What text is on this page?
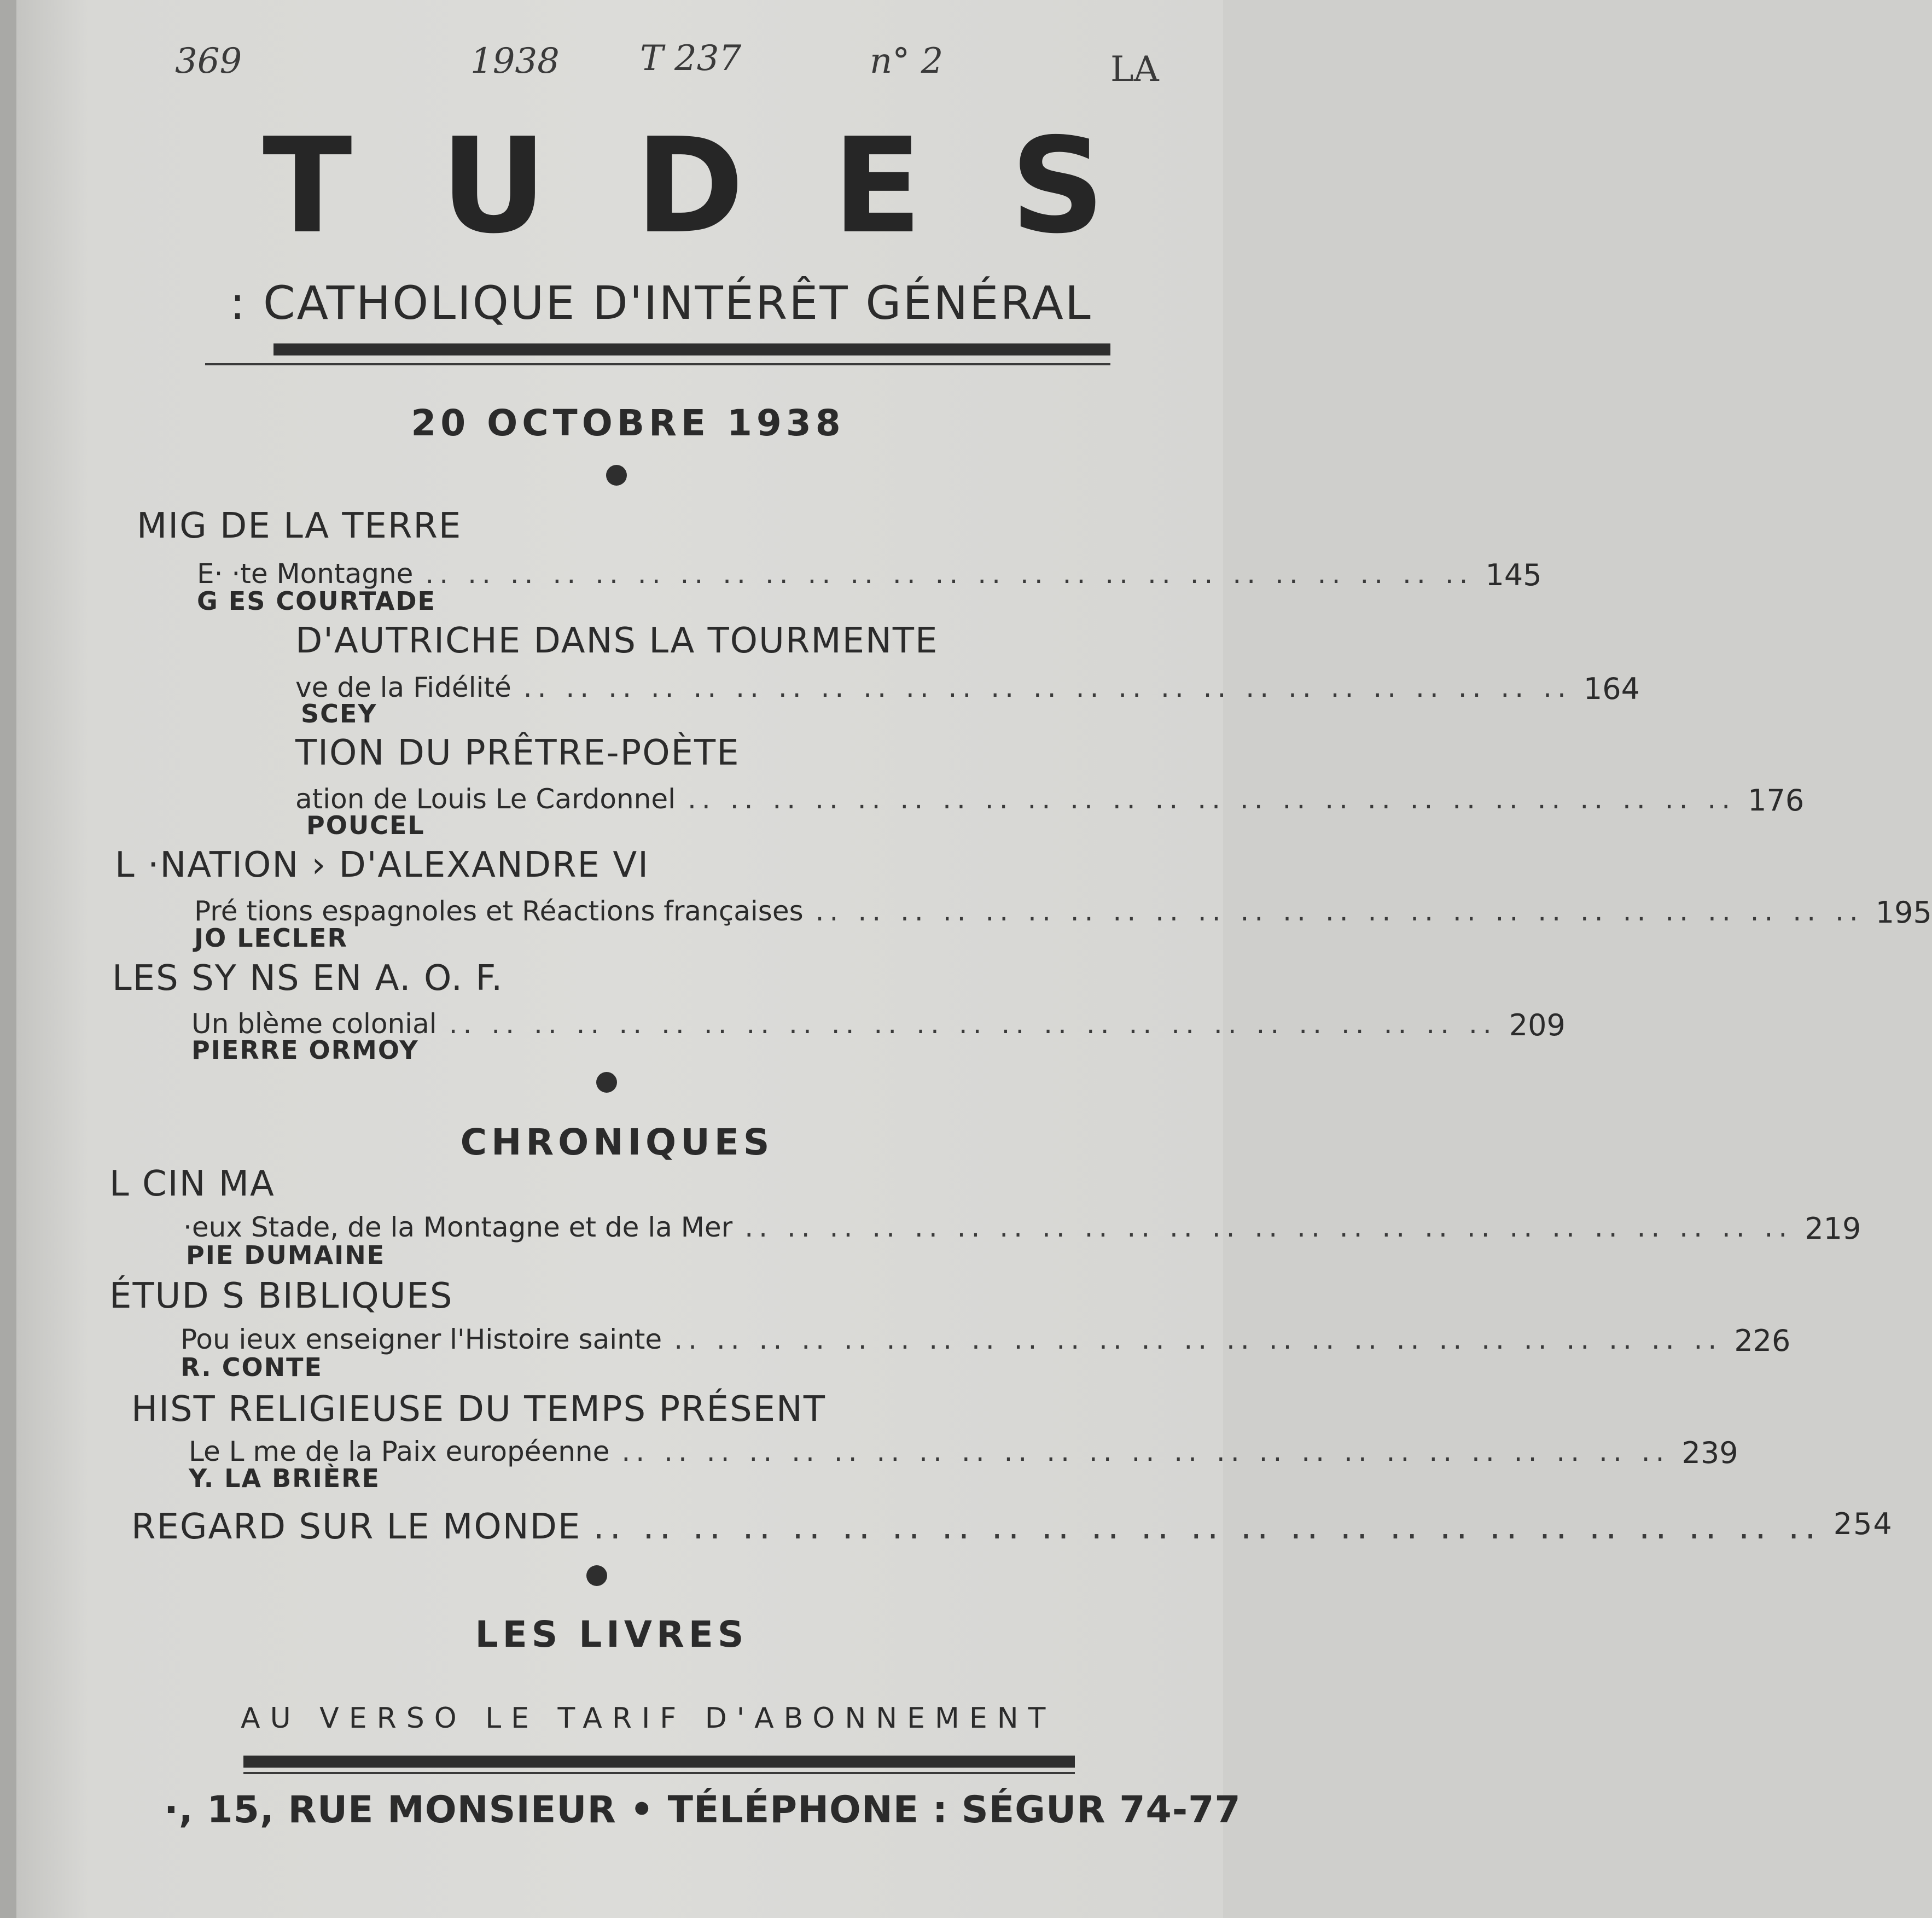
369	1938 T 237	n° 2	LA
T U D E S
: CATHOLIQUE D'INTÉRÊT GÉNÉRAL
20 OCTOBRE 1938
MIG DE LA TERRE
E· ·te Montagne .. .. .. .. .. .. .. .. .. .. .. .. .. .. .. .. .. .. .. .. .. .. .. .. .. 145
G ES COURTADE
D'AUTRICHE DANS LA TOURMENTE
ve de la Fidélité .. .. .. .. .. .. .. .. .. .. .. .. .. .. .. .. .. .. .. .. .. .. .. .. .. 164
SCEY
TION DU PRÊTRE-POÈTE
ation de Louis Le Cardonnel .. .. .. .. .. .. .. .. .. .. .. .. .. .. .. .. .. .. .. .. .. .. .. .. .. 176
POUCEL
L ·NATION › D'ALEXANDRE VI
Pré tions espagnoles et Réactions françaises .. .. .. .. .. .. .. .. .. .. .. .. .. .. .. .. .. .. .. .. .. .. .. .. .. 195
JO LECLER
LES SY NS EN A. O. F.
Un blème colonial .. .. .. .. .. .. .. .. .. .. .. .. .. .. .. .. .. .. .. .. .. .. .. .. .. 209
PIERRE ORMOY
CHRONIQUES
L CIN MA
·eux Stade, de la Montagne et de la Mer .. .. .. .. .. .. .. .. .. .. .. .. .. .. .. .. .. .. .. .. .. .. .. .. .. 219
PIE DUMAINE
ÉTUD S BIBLIQUES
Pou ieux enseigner l'Histoire sainte .. .. .. .. .. .. .. .. .. .. .. .. .. .. .. .. .. .. .. .. .. .. .. .. .. 226
R. CONTE
HIST RELIGIEUSE DU TEMPS PRÉSENT
Le L me de la Paix européenne .. .. .. .. .. .. .. .. .. .. .. .. .. .. .. .. .. .. .. .. .. .. .. .. .. 239
Y. LA BRIÈRE
REGARD SUR LE MONDE .. .. .. .. .. .. .. .. .. .. .. .. .. .. .. .. .. .. .. .. .. .. .. .. .. 254
LES LIVRES
AU VERSO LE TARIF D'ABONNEMENT
·, 15, RUE MONSIEUR • TÉLÉPHONE : SÉGUR 74-77
